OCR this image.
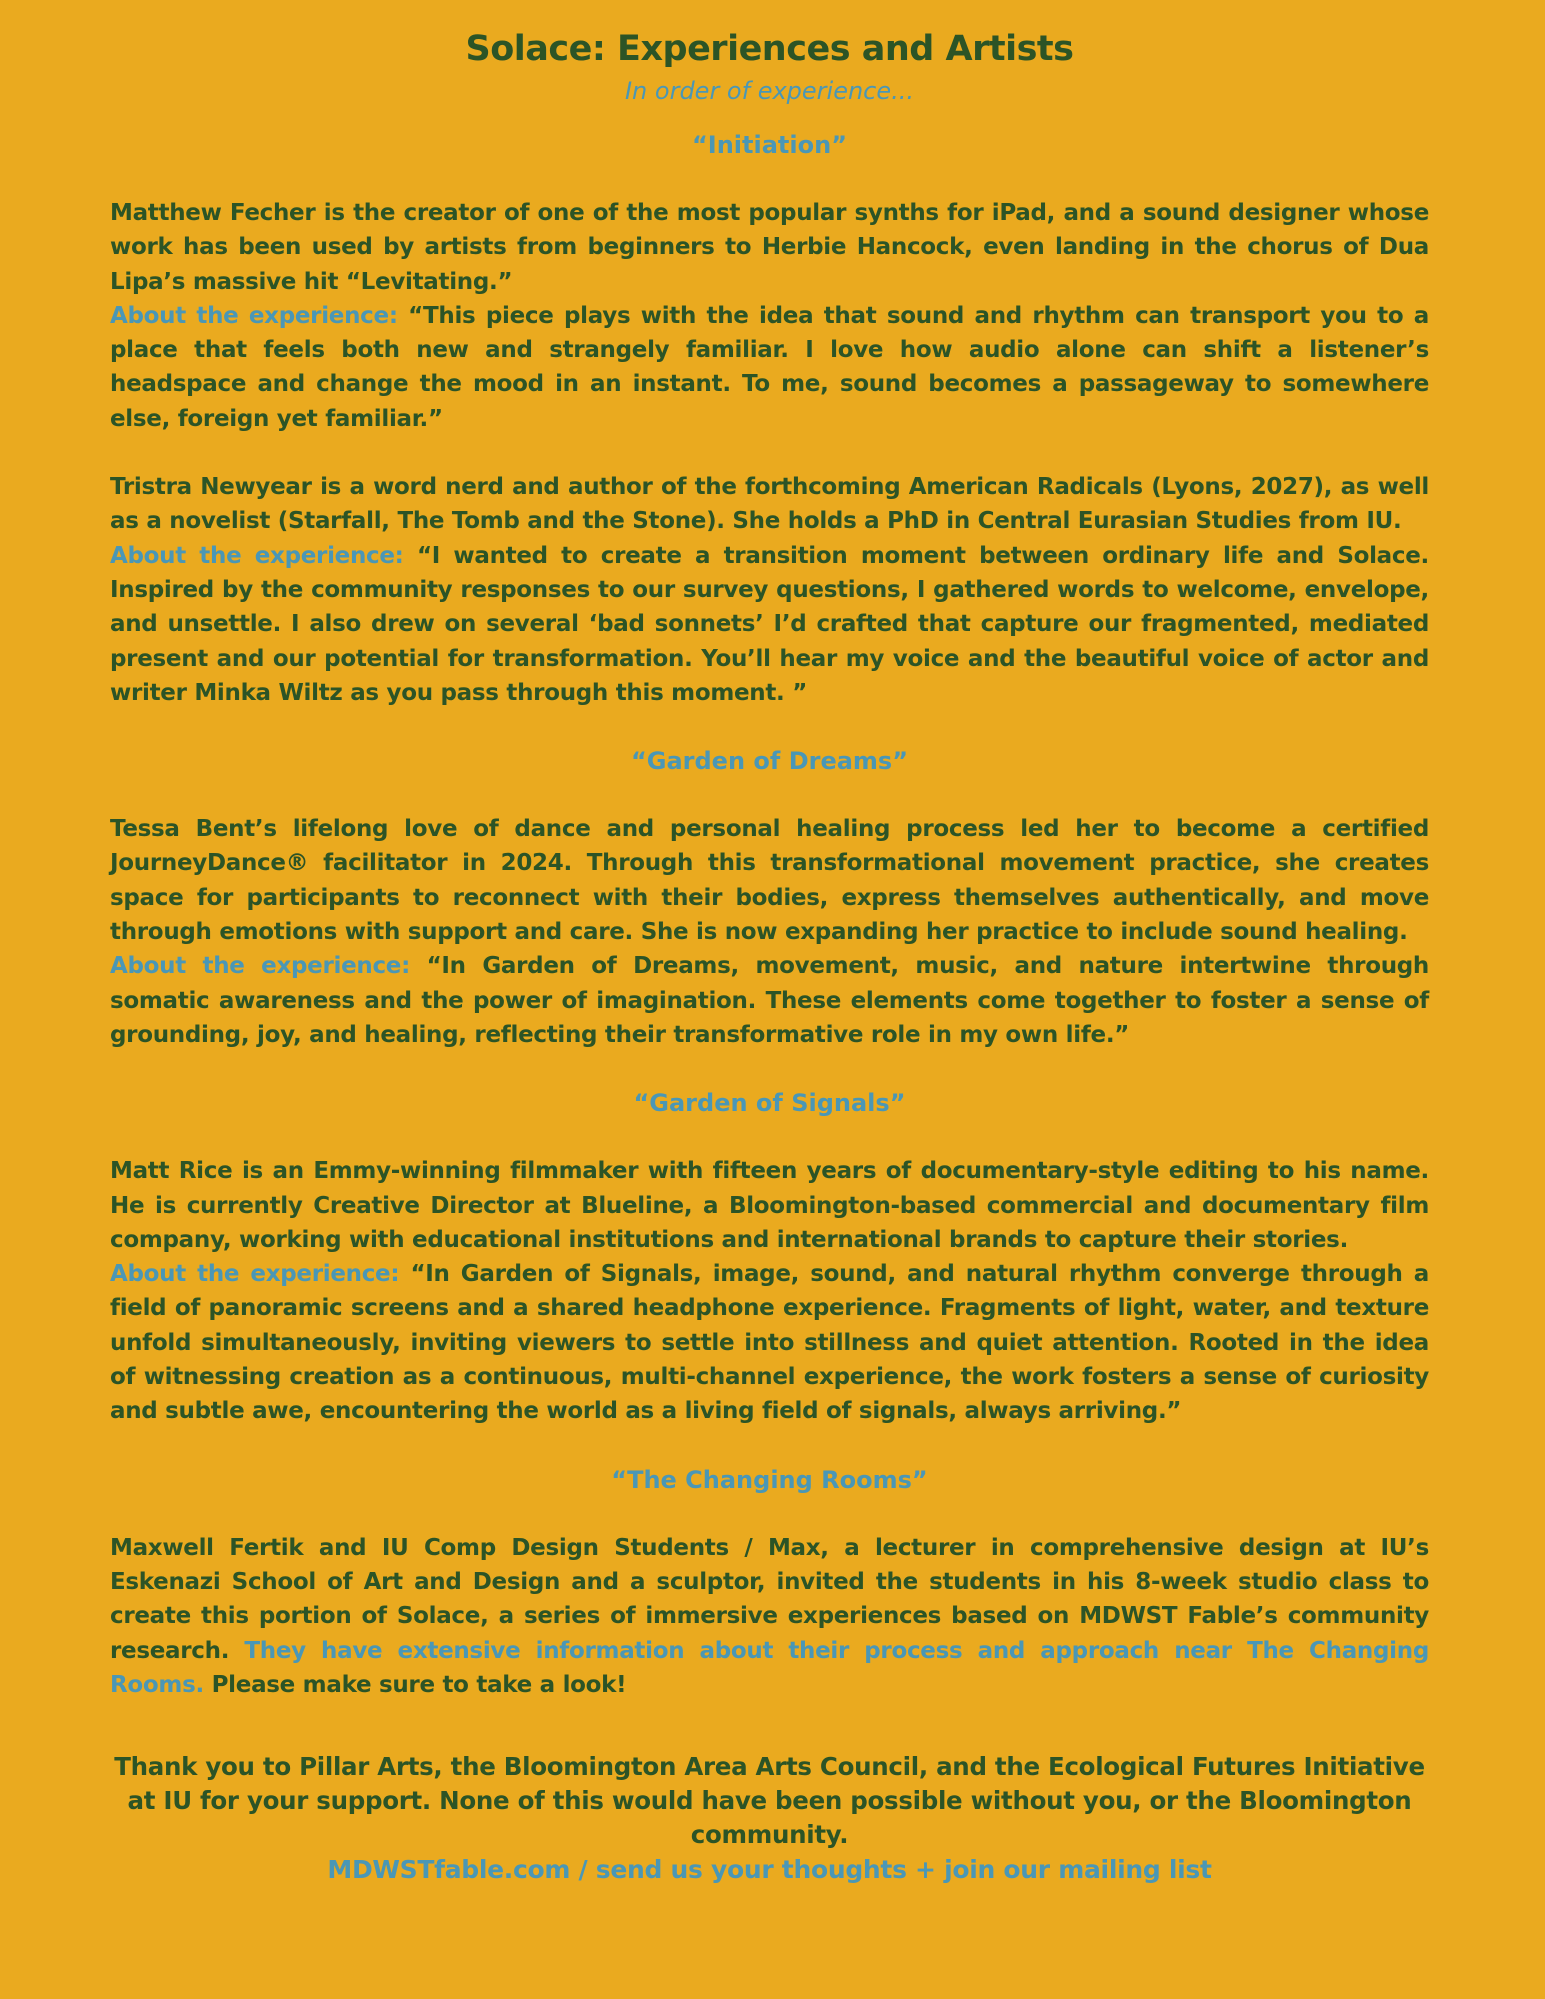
Solace: Experiences and Artists

In order of experience...

“Initiation”

Matthew Fecher is the creator of one of the most popular synths for iPad, and a sound designer whose work has been used by artists from beginners to Herbie Hancock, even landing in the chorus of Dua Lipa’s massive hit “Levitating.”

About the experience: “This piece plays with the idea that sound and rhythm can transport you to a place that feels both new and strangely familiar. I love how audio alone can shift a listener’s headspace and change the mood in an instant. To me, sound becomes a passageway to somewhere else, foreign yet familiar.”

Tristra Newyear is a word nerd and author of the forthcoming American Radicals (Lyons, 2027), as well as a novelist (Starfall, The Tomb and the Stone). She holds a PhD in Central Eurasian Studies from IU.

About the experience: “I wanted to create a transition moment between ordinary life and Solace. Inspired by the community responses to our survey questions, I gathered words to welcome, envelope, and unsettle. I also drew on several ‘bad sonnets’ I’d crafted that capture our fragmented, mediated present and our potential for transformation. You’ll hear my voice and the beautiful voice of actor and writer Minka Wiltz as you pass through this moment. ”

“Garden of Dreams”

Tessa Bent’s lifelong love of dance and personal healing process led her to become a certified JourneyDance® facilitator in 2024. Through this transformational movement practice, she creates space for participants to reconnect with their bodies, express themselves authentically, and move through emotions with support and care. She is now expanding her practice to include sound healing.

About the experience: “In Garden of Dreams, movement, music, and nature intertwine through somatic awareness and the power of imagination. These elements come together to foster a sense of grounding, joy, and healing, reflecting their transformative role in my own life.”

“Garden of Signals”

Matt Rice is an Emmy-winning filmmaker with fifteen years of documentary-style editing to his name. He is currently Creative Director at Blueline, a Bloomington-based commercial and documentary film company, working with educational institutions and international brands to capture their stories.

About the experience: “In Garden of Signals, image, sound, and natural rhythm converge through a field of panoramic screens and a shared headphone experience. Fragments of light, water, and texture unfold simultaneously, inviting viewers to settle into stillness and quiet attention. Rooted in the idea of witnessing creation as a continuous, multi-channel experience, the work fosters a sense of curiosity and subtle awe, encountering the world as a living field of signals, always arriving.”

“The Changing Rooms”

Maxwell Fertik and IU Comp Design Students / Max, a lecturer in comprehensive design at IU’s Eskenazi School of Art and Design and a sculptor, invited the students in his 8-week studio class to create this portion of Solace, a series of immersive experiences based on MDWST Fable’s community research. They have extensive information about their process and approach near The Changing Rooms. Please make sure to take a look!

Thank you to Pillar Arts, the Bloomington Area Arts Council, and the Ecological Futures Initiative at IU for your support. None of this would have been possible without you, or the Bloomington community.

MDWSTfable.com / send us your thoughts + join our mailing list
